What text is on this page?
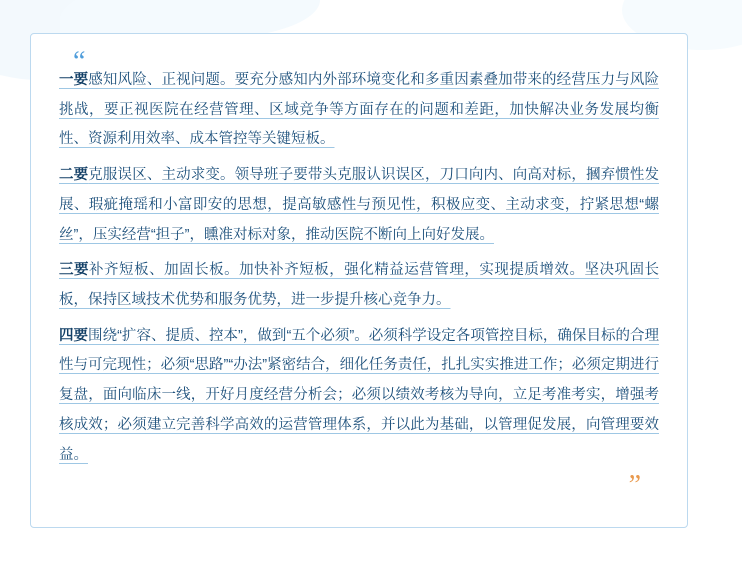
“

一要感知风险、正视问题。要充分感知内外部环境变化和多重因素叠加带来的经营压力与风险挑战，要正视医院在经营管理、区域竞争等方面存在的问题和差距，加快解决业务发展均衡性、资源利用效率、成本管控等关键短板。

二要克服误区、主动求变。领导班子要带头克服认识误区，刀口向内、向高对标，摑弃惯性发展、瑕疵掩瑶和小富即安的思想，提高敏感性与预见性，积极应变、主动求变，拧紧思想“螺丝”，压实经营“担子”，矄准对标对象，推动医院不断向上向好发展。

三要补齐短板、加固长板。加快补齐短板，强化精益运营管理，实现提质增效。坚决巩固长板，保持区域技术优势和服务优势，进一步提升核心竞争力。

四要围绕“扩容、提质、控本”，做到“五个必须”。必须科学设定各项管控目标，确保目标的合理性与可完现性；必须“思路”“办法”紧密结合，细化任务责任，扎扎实实推进工作；必须定期进行复盘，面向临床一线，开好月度经营分析会；必须以绩效考核为导向，立足考准考实，增强考核成效；必须建立完善科学高效的运营管理体系，并以此为基础，以管理促发展，向管理要效益。

”
